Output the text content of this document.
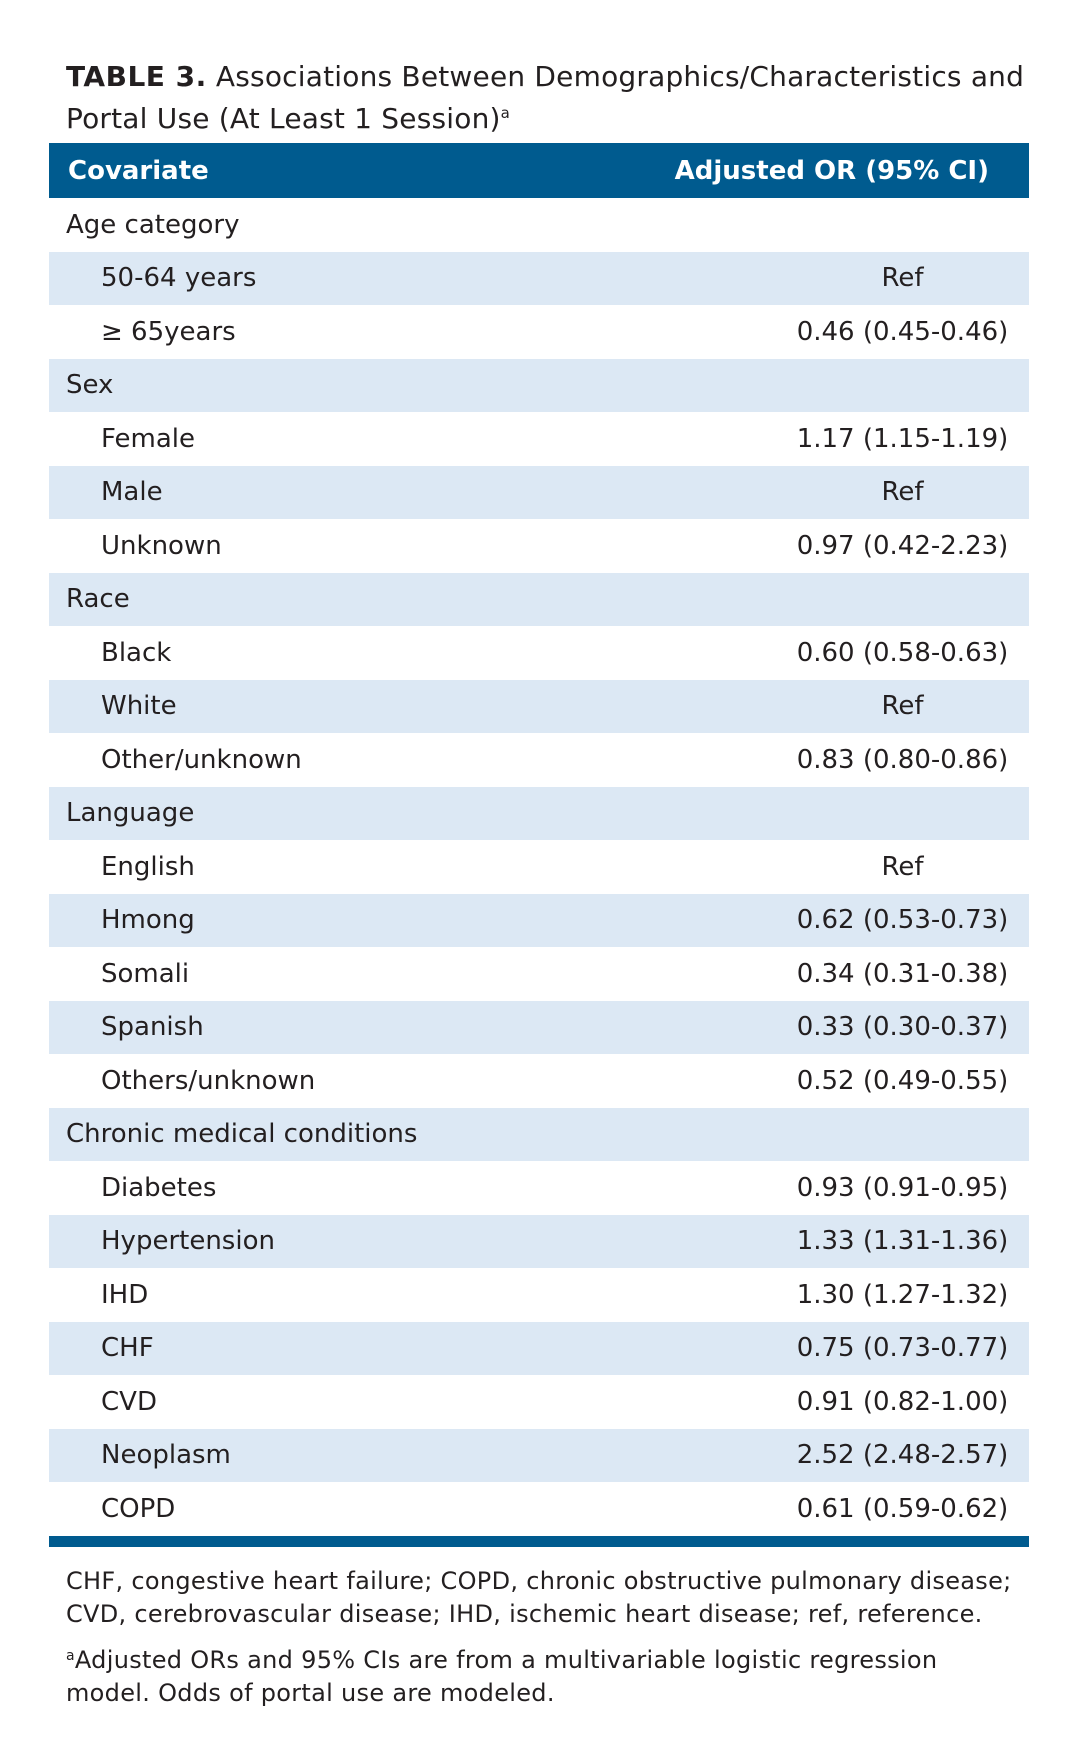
TABLE 3. Associations Between Demographics/Characteristics and Portal Use (At Least 1 Session)$^a$
Covariate	Adjusted OR (95% CI)
Age category
50-64 years	Ref
≥ 65years	0.46 (0.45-0.46)
Sex
Female	1.17 (1.15-1.19)
Male	Ref
Unknown	0.97 (0.42-2.23)
Race
Black	0.60 (0.58-0.63)
White	Ref
Other/unknown	0.83 (0.80-0.86)
Language
English	Ref
Hmong	0.62 (0.53-0.73)
Somali	0.34 (0.31-0.38)
Spanish	0.33 (0.30-0.37)
Others/unknown	0.52 (0.49-0.55)
Chronic medical conditions
Diabetes	0.93 (0.91-0.95)
Hypertension	1.33 (1.31-1.36)
IHD	1.30 (1.27-1.32)
CHF	0.75 (0.73-0.77)
CVD	0.91 (0.82-1.00)
Neoplasm	2.52 (2.48-2.57)
COPD	0.61 (0.59-0.62)

CHF, congestive heart failure; COPD, chronic obstructive pulmonary disease; CVD, cerebrovascular disease; IHD, ischemic heart disease; ref, reference.

$^a$Adjusted ORs and 95% CIs are from a multivariable logistic regression model. Odds of portal use are modeled.
